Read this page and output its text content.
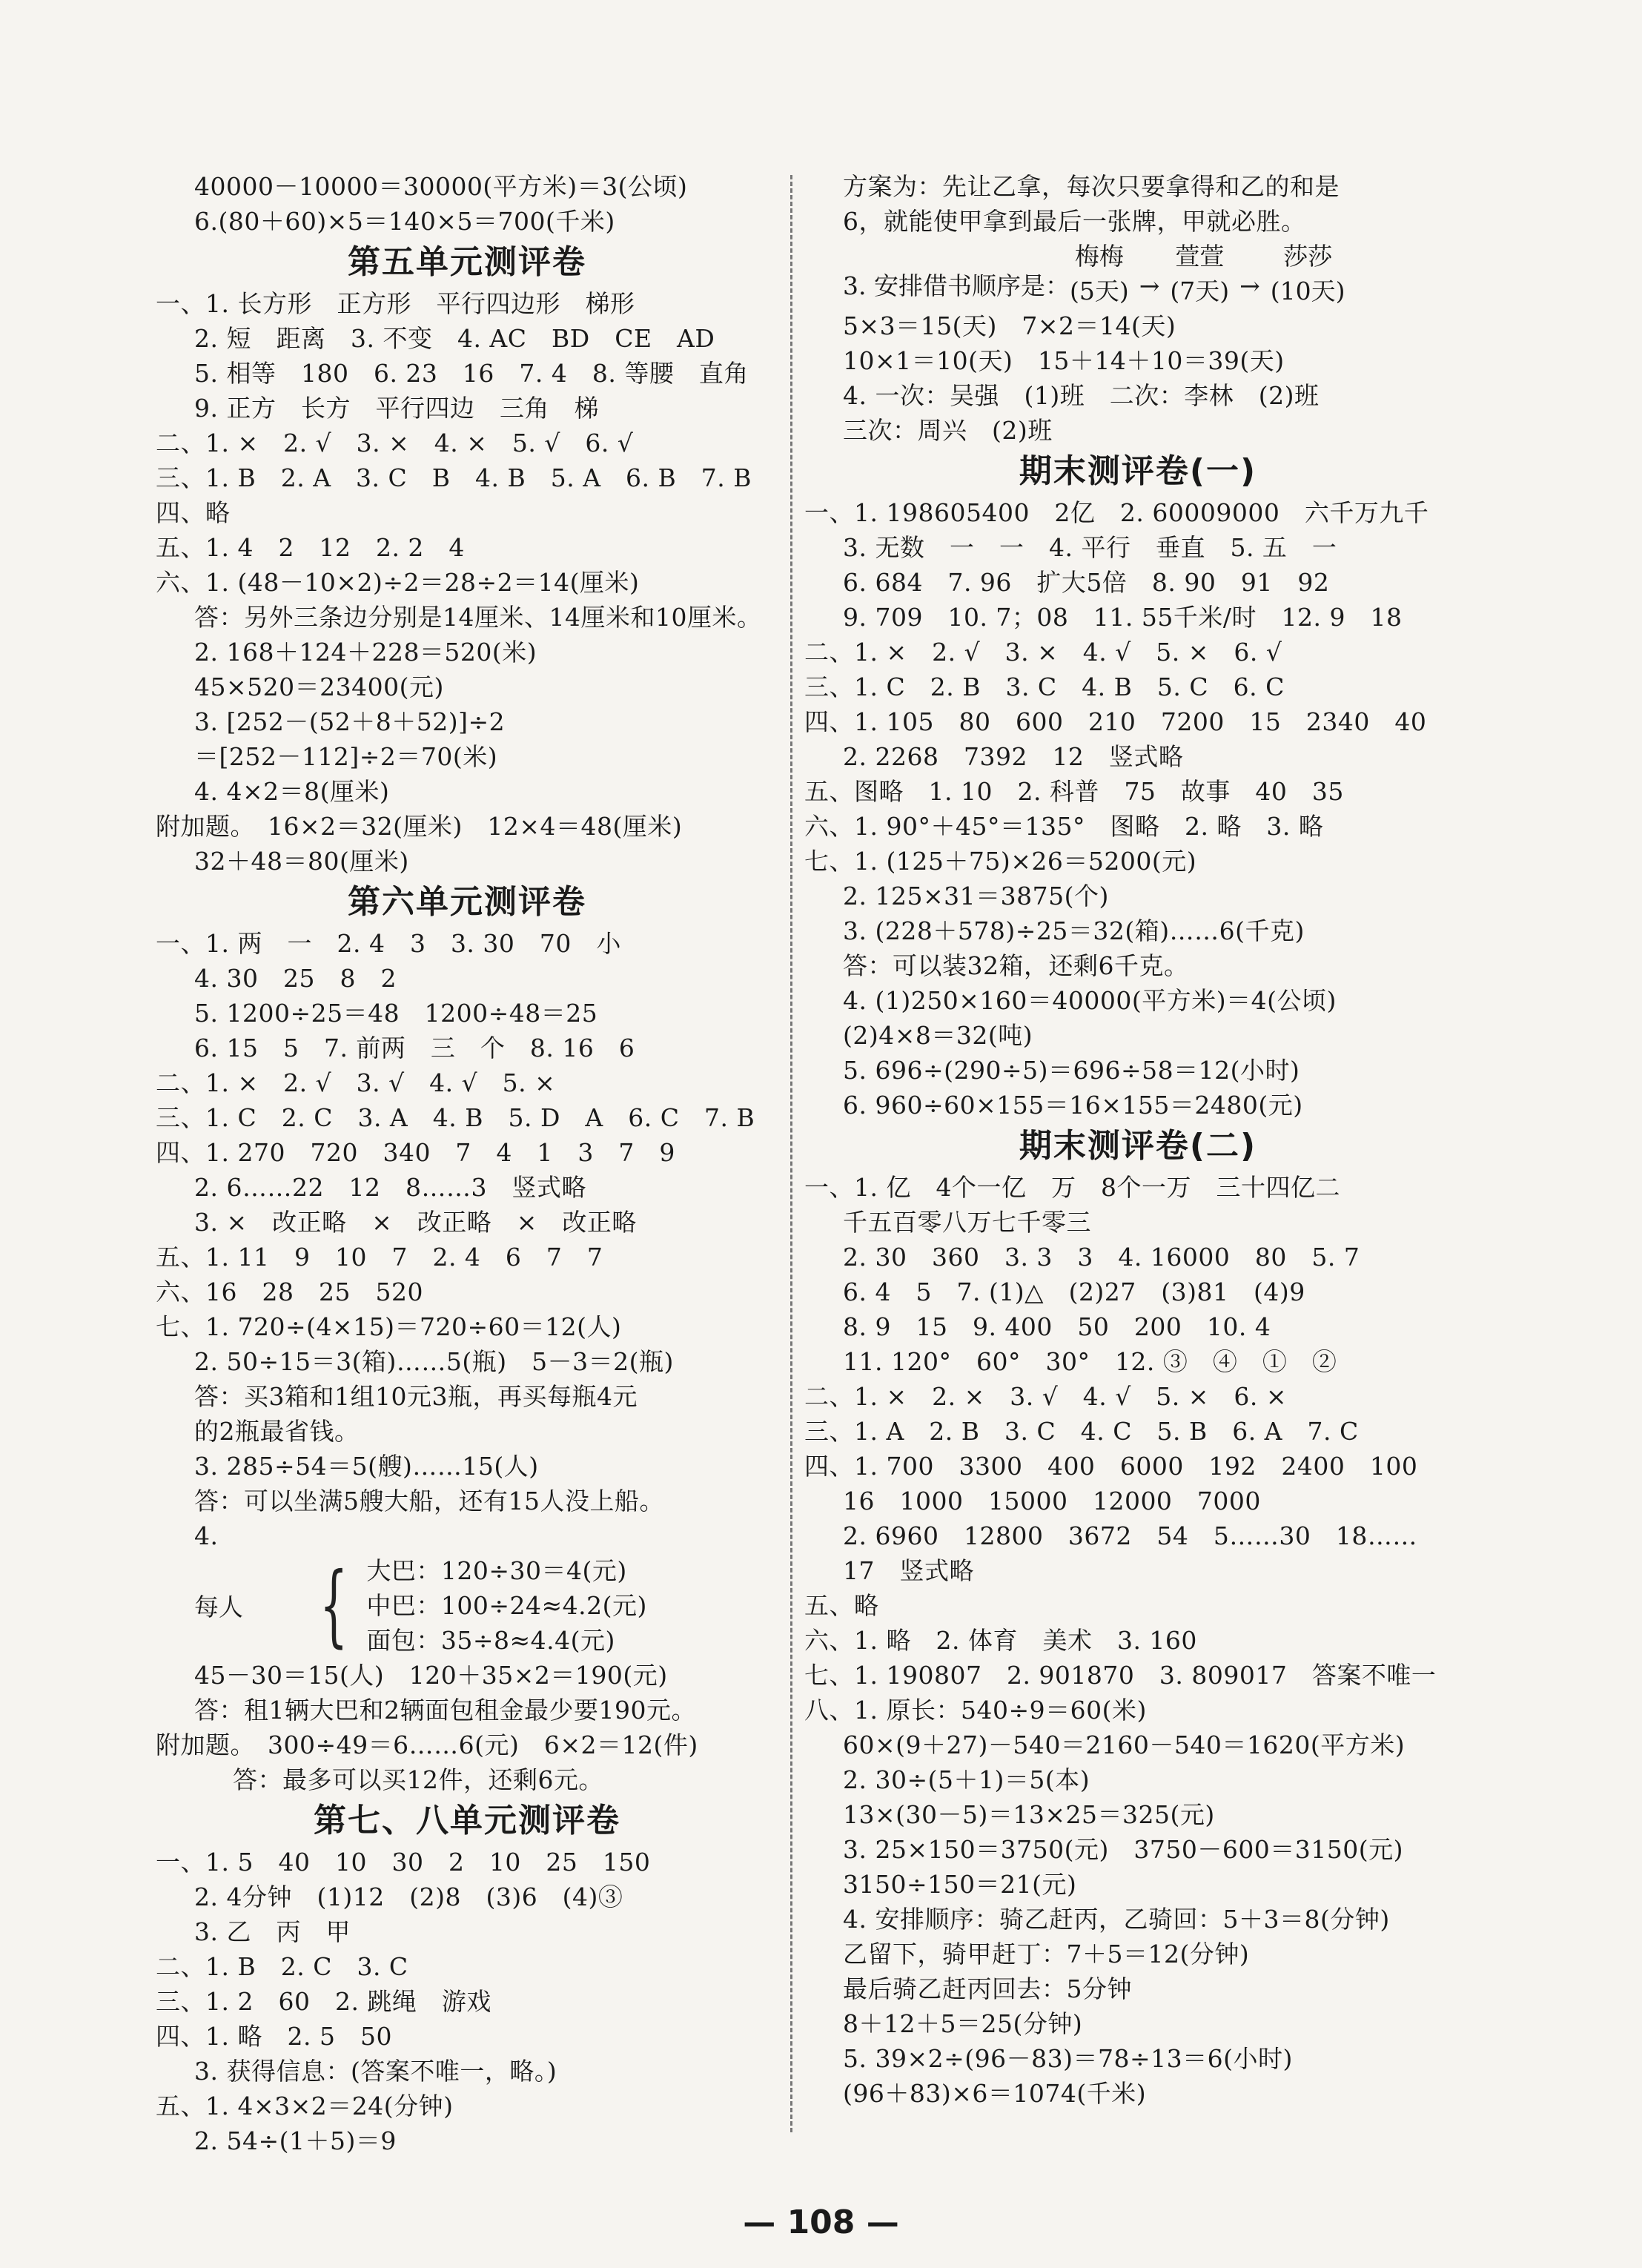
40000－10000＝30000(平方米)＝3(公顷)
6.(80＋60)×5＝140×5＝700(千米)
第五单元测评卷
一、1. 长方形　正方形　平行四边形　梯形
2. 短　距离　3. 不变　4. AC　BD　CE　AD
5. 相等　180　6. 23　16　7. 4　8. 等腰　直角
9. 正方　长方　平行四边　三角　梯
二、1. ×　2. √　3. ×　4. ×　5. √　6. √
三、1. B　2. A　3. C　B　4. B　5. A　6. B　7. B
四、略
五、1. 4　2　12　2. 2　4
六、1. (48－10×2)÷2＝28÷2＝14(厘米)
答：另外三条边分别是14厘米、14厘米和10厘米。
2. 168＋124＋228＝520(米)
45×520＝23400(元)
3. [252－(52＋8＋52)]÷2
＝[252－112]÷2＝70(米)
4. 4×2＝8(厘米)
附加题。　16×2＝32(厘米)　12×4＝48(厘米)
32＋48＝80(厘米)
第六单元测评卷
一、1. 两　一　2. 4　3　3. 30　70　小
4. 30　25　8　2
5. 1200÷25＝48　1200÷48＝25
6. 15　5　7. 前两　三　个　8. 16　6
二、1. ×　2. √　3. √　4. √　5. ×
三、1. C　2. C　3. A　4. B　5. D　A　6. C　7. B
四、1. 270　720　340　7　4　1　3　7　9
2. 6……22　12　8……3　竖式略
3. ×　改正略　×　改正略　×　改正略
五、1. 11　9　10　7　2. 4　6　7　7
六、16　28　25　520
七、1. 720÷(4×15)＝720÷60＝12(人)
2. 50÷15＝3(箱)……5(瓶)　5－3＝2(瓶)
答：买3箱和1组10元3瓶，再买每瓶4元
的2瓶最省钱。
3. 285÷54＝5(艘)……15(人)
答：可以坐满5艘大船，还有15人没上船。
4.
每人 { 大巴：120÷30＝4(元)
中巴：100÷24≈4.2(元)
面包：35÷8≈4.4(元)
45－30＝15(人)　120＋35×2＝190(元)
答：租1辆大巴和2辆面包租金最少要190元。
附加题。　300÷49＝6……6(元)　6×2＝12(件)
答：最多可以买12件，还剩6元。
第七、八单元测评卷
一、1. 5　40　10　30　2　10　25　150
2. 4分钟　(1)12　(2)8　(3)6　(4)③
3. 乙　丙　甲
二、1. B　2. C　3. C
三、1. 2　60　2. 跳绳　游戏
四、1. 略　2. 5　50
3. 获得信息：(答案不唯一，略。)
五、1. 4×3×2＝24(分钟)
2. 54÷(1＋5)＝9
方案为：先让乙拿，每次只要拿得和乙的和是
6，就能使甲拿到最后一张牌，甲就必胜。
3. 安排借书顺序是：
梅梅
(5天) →
萱萱
(7天) →
莎莎
(10天)
5×3＝15(天)　7×2＝14(天)
10×1＝10(天)　15＋14＋10＝39(天)
4. 一次：吴强　(1)班　二次：李林　(2)班
三次：周兴　(2)班
期末测评卷(一)
一、1. 198605400　2亿　2. 60009000　六千万九千
3. 无数　一　一　4. 平行　垂直　5. 五　一
6. 684　7. 96　扩大5倍　8. 90　91　92
9. 709　10. 7；08　11. 55千米/时　12. 9　18
二、1. ×　2. √　3. ×　4. √　5. ×　6. √
三、1. C　2. B　3. C　4. B　5. C　6. C
四、1. 105　80　600　210　7200　15　2340　40
2. 2268　7392　12　竖式略
五、图略　1. 10　2. 科普　75　故事　40　35
六、1. 90°＋45°＝135°　图略　2. 略　3. 略
七、1. (125＋75)×26＝5200(元)
2. 125×31＝3875(个)
3. (228＋578)÷25＝32(箱)……6(千克)
答：可以装32箱，还剩6千克。
4. (1)250×160＝40000(平方米)＝4(公顷)
(2)4×8＝32(吨)
5. 696÷(290÷5)＝696÷58＝12(小时)
6. 960÷60×155＝16×155＝2480(元)
期末测评卷(二)
一、1. 亿　4个一亿　万　8个一万　三十四亿二
千五百零八万七千零三
2. 30　360　3. 3　3　4. 16000　80　5. 7
6. 4　5　7. (1)△　(2)27　(3)81　(4)9
8. 9　15　9. 400　50　200　10. 4
11. 120°　60°　30°　12. ③　④　①　②
二、1. ×　2. ×　3. √　4. √　5. ×　6. ×
三、1. A　2. B　3. C　4. C　5. B　6. A　7. C
四、1. 700　3300　400　6000　192　2400　100
16　1000　15000　12000　7000
2. 6960　12800　3672　54　5……30　18……
17　竖式略
五、略
六、1. 略　2. 体育　美术　3. 160
七、1. 190807　2. 901870　3. 809017　答案不唯一
八、1. 原长：540÷9＝60(米)
60×(9＋27)－540＝2160－540＝1620(平方米)
2. 30÷(5＋1)＝5(本)
13×(30－5)＝13×25＝325(元)
3. 25×150＝3750(元)　3750－600＝3150(元)
3150÷150＝21(元)
4. 安排顺序：骑乙赶丙，乙骑回：5＋3＝8(分钟)
乙留下，骑甲赶丁：7＋5＝12(分钟)
最后骑乙赶丙回去：5分钟
8＋12＋5＝25(分钟)
5. 39×2÷(96－83)＝78÷13＝6(小时)
(96＋83)×6＝1074(千米)
— 108 —
